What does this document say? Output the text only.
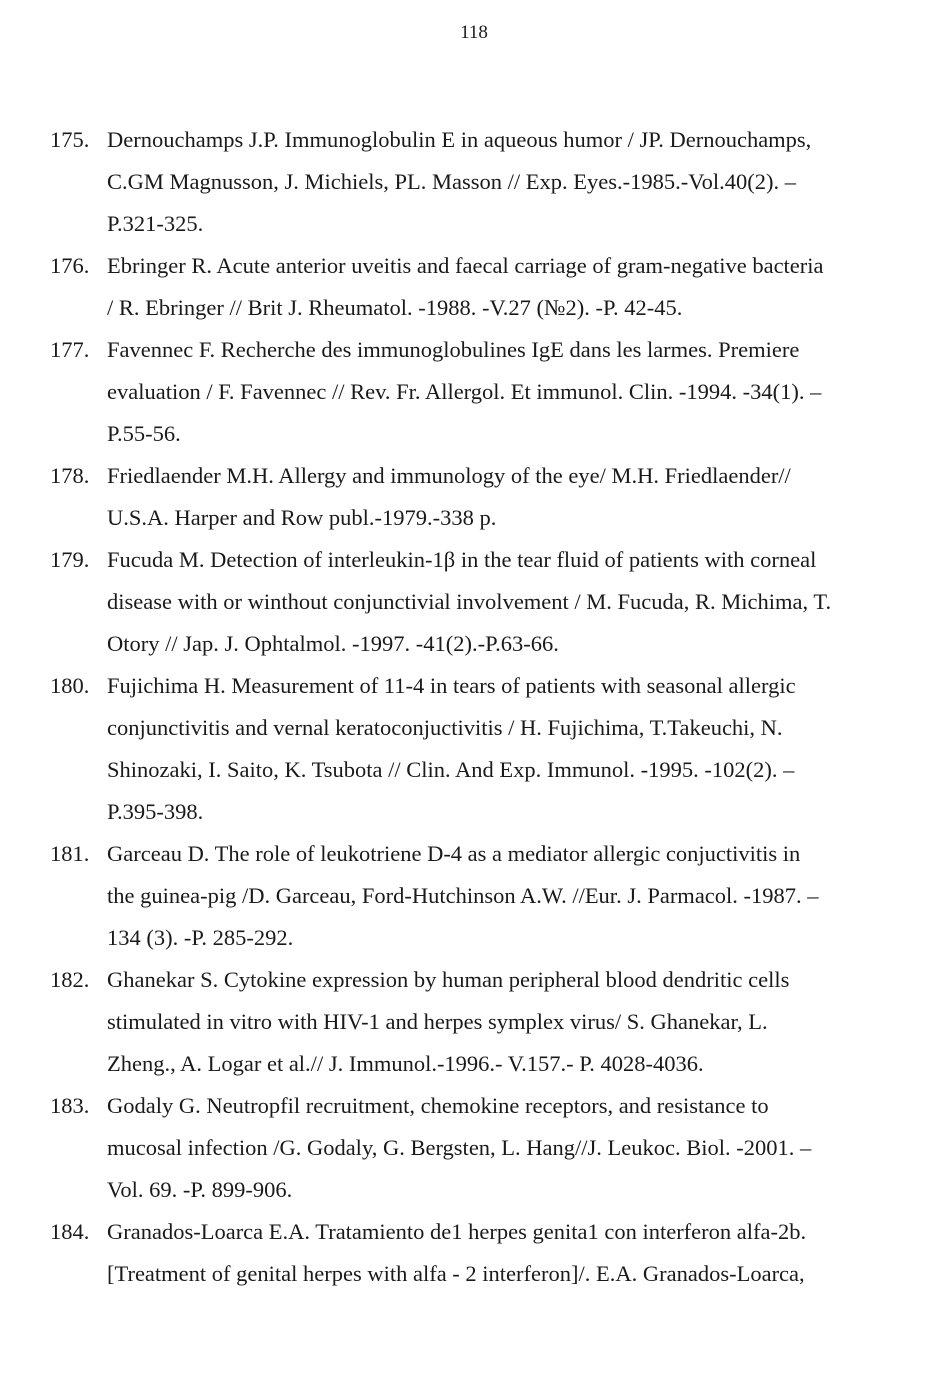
118
175. Dernouchamps J.P. Immunoglobulin E in aqueous humor / JP. Dernouchamps,
C.GM Magnusson, J. Michiels, PL. Masson // Exp. Eyes.-1985.-Vol.40(2). –
P.321-325.
176. Ebringer R. Acute anterior uveitis and faecal carriage of gram-negative bacteria
/ R. Ebringer // Brit J. Rheumatol. -1988. -V.27 (№2). -P. 42-45.
177. Favennec F. Recherche des immunoglobulines IgE dans les larmes. Premiere
evaluation / F. Favennec // Rev. Fr. Allergol. Et immunol. Clin. -1994. -34(1). –
P.55-56.
178. Friedlaender M.H. Allergy and immunology of the eye/ M.H. Friedlaender//
U.S.A. Harper and Row publ.-1979.-338 p.
179. Fucuda M. Detection of interleukin-1β in the tear fluid of patients with corneal
disease with or winthout conjunctivial involvement / M. Fucuda, R. Michima, T.
Otory // Jap. J. Ophtalmol. -1997. -41(2).-P.63-66.
180. Fujichima H. Measurement of 11-4 in tears of patients with seasonal allergic
conjunctivitis and vernal keratoconjuctivitis / H. Fujichima, T.Takeuchi, N.
Shinozaki, I. Saito, K. Tsubota // Clin. And Exp. Immunol. -1995. -102(2). –
P.395-398.
181. Garceau D. The role of leukotriene D-4 as a mediator allergic conjuctivitis in
the guinea-pig /D. Garceau, Ford-Hutchinson A.W. //Eur. J. Parmacol. -1987. –
134 (3). -P. 285-292.
182. Ghanekar S. Cytokine expression by human peripheral blood dendritic cells
stimulated in vitro with HIV-1 and herpes symplex virus/ S. Ghanekar, L.
Zheng., A. Logar et al.// J. Immunol.-1996.- V.157.- P. 4028-4036.
183. Godaly G. Neutropfil recruitment, chemokine receptors, and resistance to
mucosal infection /G. Godaly, G. Bergsten, L. Hang//J. Leukoc. Biol. -2001. –
Vol. 69. -P. 899-906.
184. Granados-Loarca E.A. Tratamiento de1 herpes genita1 con interferon alfa-2b.
[Treatment of genital herpes with alfa - 2 interferon]/. E.A. Granados-Loarca,
